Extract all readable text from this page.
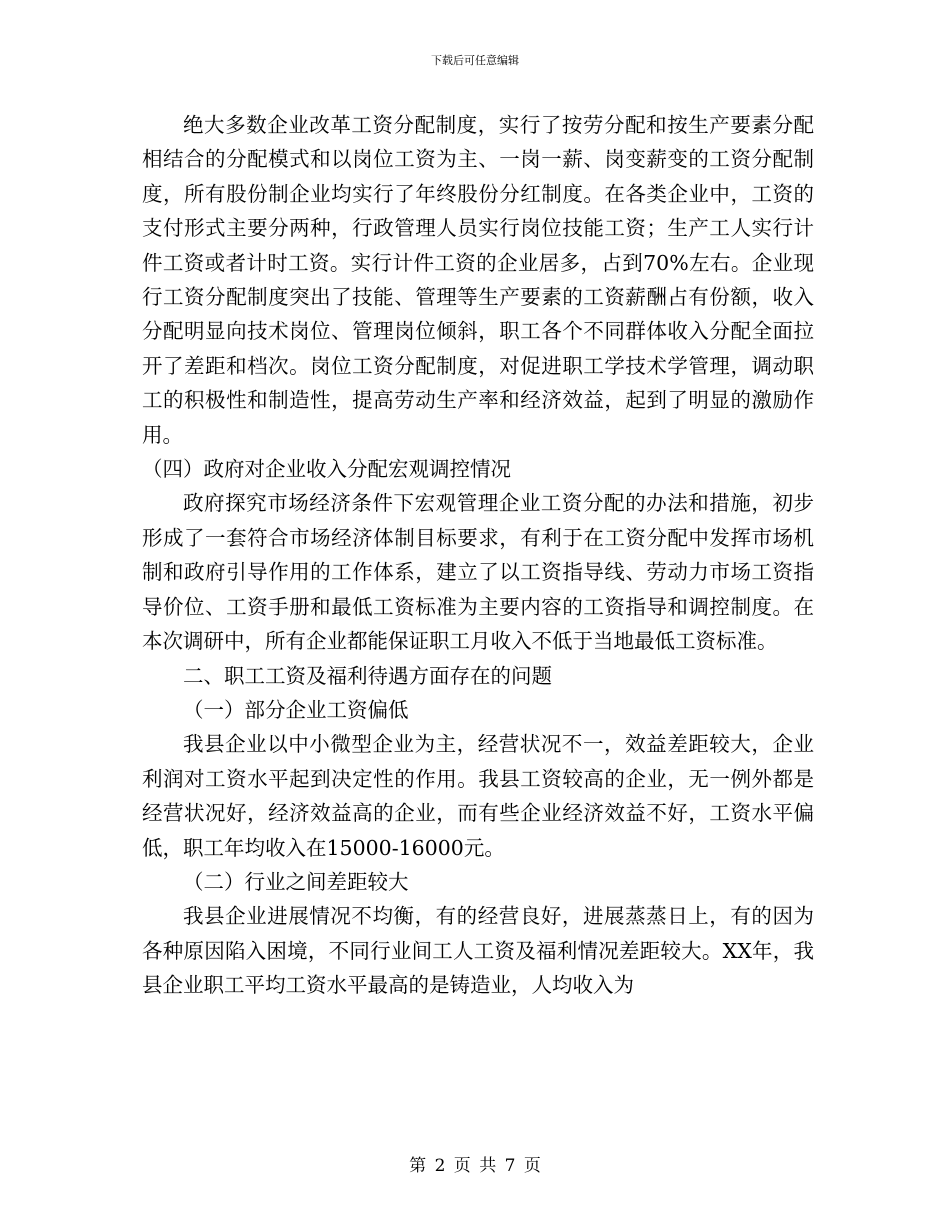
下载后可任意编辑

绝大多数企业改革工资分配制度，实行了按劳分配和按生产要素分配相结合的分配模式和以岗位工资为主、一岗一薪、岗变薪变的工资分配制度，所有股份制企业均实行了年终股份分红制度。在各类企业中，工资的支付形式主要分两种，行政管理人员实行岗位技能工资；生产工人实行计件工资或者计时工资。实行计件工资的企业居多，占到70%左右。企业现行工资分配制度突出了技能、管理等生产要素的工资薪酬占有份额，收入分配明显向技术岗位、管理岗位倾斜，职工各个不同群体收入分配全面拉开了差距和档次。岗位工资分配制度，对促进职工学技术学管理，调动职工的积极性和制造性，提高劳动生产率和经济效益，起到了明显的激励作用。

（四）政府对企业收入分配宏观调控情况

政府探究市场经济条件下宏观管理企业工资分配的办法和措施，初步形成了一套符合市场经济体制目标要求，有利于在工资分配中发挥市场机制和政府引导作用的工作体系，建立了以工资指导线、劳动力市场工资指导价位、工资手册和最低工资标准为主要内容的工资指导和调控制度。在本次调研中，所有企业都能保证职工月收入不低于当地最低工资标准。

二、职工工资及福利待遇方面存在的问题

（一）部分企业工资偏低

我县企业以中小微型企业为主，经营状况不一，效益差距较大，企业利润对工资水平起到决定性的作用。我县工资较高的企业，无一例外都是经营状况好，经济效益高的企业，而有些企业经济效益不好，工资水平偏低，职工年均收入在15000-16000元。

（二）行业之间差距较大

我县企业进展情况不均衡，有的经营良好，进展蒸蒸日上，有的因为各种原因陷入困境，不同行业间工人工资及福利情况差距较大。XX年，我县企业职工平均工资水平最高的是铸造业，人均收入为

第 2 页 共 7 页
